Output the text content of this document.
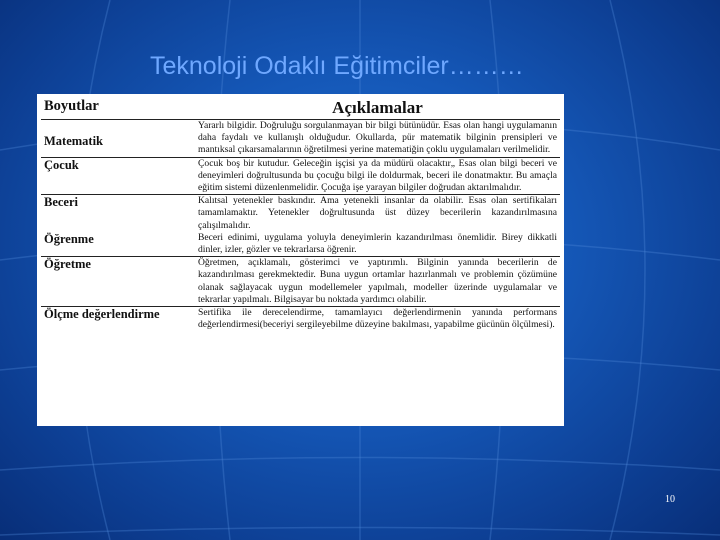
Teknoloji Odaklı Eğitimciler………
Boyutlar	Açıklamalar
Matematik	Yararlı bilgidir. Doğruluğu sorgulanmayan bir bilgi bütünüdür. Esas olan hangi uygulamanın daha faydalı ve kullanışlı olduğudur. Okullarda, pür matematik bilginin prensipleri ve mantıksal çıkarsamalarının öğretilmesi yerine matematiğin çoklu uygulamaları verilmelidir.
Çocuk	Çocuk boş bir kutudur. Geleceğin işçisi ya da müdürü olacaktır„ Esas olan bilgi beceri ve deneyimleri doğrultusunda bu çocuğu bilgi ile doldurmak, beceri ile donatmaktır. Bu amaçla eğitim sistemi düzenlenmelidir. Çocuğa işe yarayan bilgiler doğrudan aktarılmalıdır.
Beceri	Kalıtsal yetenekler baskındır. Ama yetenekli insanlar da olabilir. Esas olan sertifikaları tamamlamaktır. Yetenekler doğrultusunda üst düzey becerilerin kazandırılmasına çalışılmalıdır.
Öğrenme	Beceri edinimi, uygulama yoluyla deneyimlerin kazandırılması önemlidir. Birey dikkatli dinler, izler, gözler ve tekrarlarsa öğrenir.
Öğretme	Öğretmen, açıklamalı, gösterimci ve yaptırımlı. Bilginin yanında becerilerin de kazandırılması gerekmektedir. Buna uygun ortamlar hazırlanmalı ve problemin çözümüne olanak sağlayacak uygun modellemeler yapılmalı, modeller üzerinde uygulamalar ve tekrarlar yapılmalı. Bilgisayar bu noktada yardımcı olabilir.
Ölçme değerlendirme	Sertifika ile derecelendirme, tamamlayıcı değerlendirmenin yanında performans değerlendirmesi(beceriyi sergileyebilme düzeyine bakılması, yapabilme gücünün ölçülmesi).
10
